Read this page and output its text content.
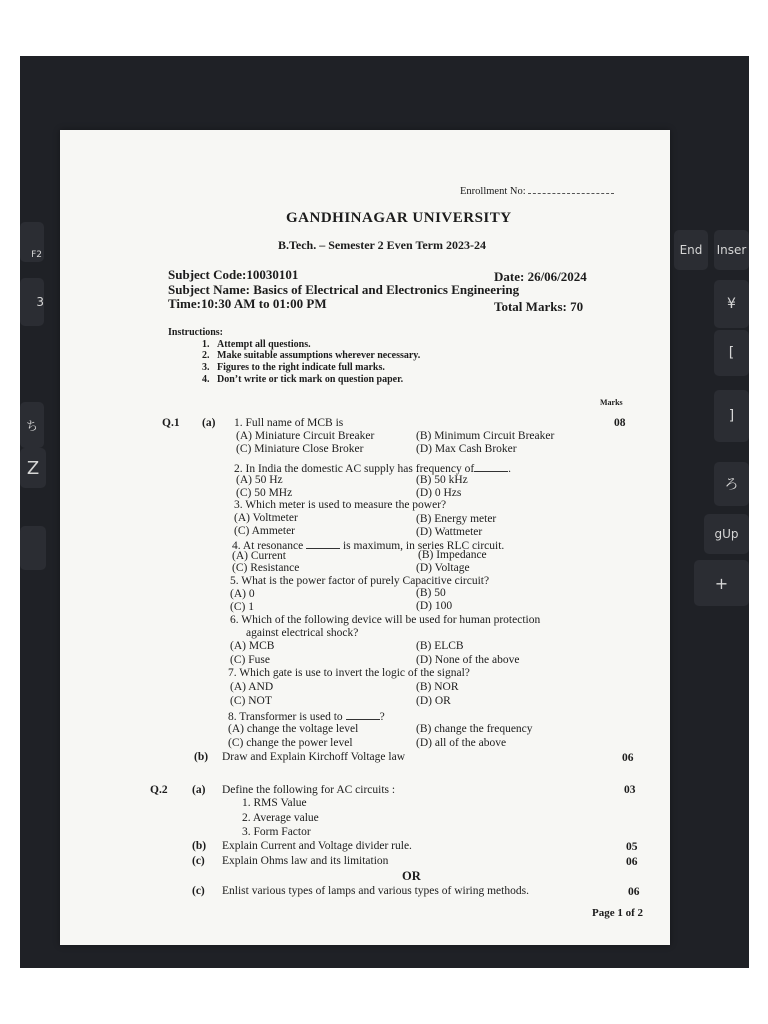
F2
3
ち
Z
End	Inser
¥
[
]
ろ
gUp
+
Enrollment No:
GANDHINAGAR UNIVERSITY
B.Tech. – Semester 2 Even Term 2023-24
Subject Code:10030101	Date: 26/06/2024
Subject Name: Basics of Electrical and Electronics Engineering
Time:10:30 AM to 01:00 PM	Total Marks: 70
Instructions:
1. Attempt all questions.
2. Make suitable assumptions wherever necessary.
3. Figures to the right indicate full marks.
4. Don’t write or tick mark on question paper.
Marks
Q.1 (a)	08
1. Full name of MCB is
(A) Miniature Circuit Breaker	(B) Minimum Circuit Breaker
(C) Miniature Close Broker	(D) Max Cash Broker
2. In India the domestic AC supply has frequency of	.
(A) 50 Hz	(B) 50 kHz
(C) 50 MHz	(D) 0 Hzs
3. Which meter is used to measure the power?
(A) Voltmeter	(B) Energy meter
(C) Ammeter	(D) Wattmeter
4. At resonance	is maximum, in series RLC circuit.
(A) Current	(B) Impedance
(C) Resistance	(D) Voltage
5. What is the power factor of purely Capacitive circuit?
(A) 0	(B) 50
(C) 1	(D) 100
6. Which of the following device will be used for human protection
against electrical shock?
(A) MCB	(B) ELCB
(C) Fuse	(D) None of the above
7. Which gate is use to invert the logic of the signal?
(A) AND	(B) NOR
(C) NOT	(D) OR
8. Transformer is used to	?
(A) change the voltage level	(B) change the frequency
(C) change the power level	(D) all of the above
(b) Draw and Explain Kirchoff Voltage law	06
Q.2 (a) Define the following for AC circuits :	03
1. RMS Value
2. Average value
3. Form Factor
(b) Explain Current and Voltage divider rule.	05
(c) Explain Ohms law and its limitation	06
OR
(c) Enlist various types of lamps and various types of wiring methods.	06
Page 1 of 2
